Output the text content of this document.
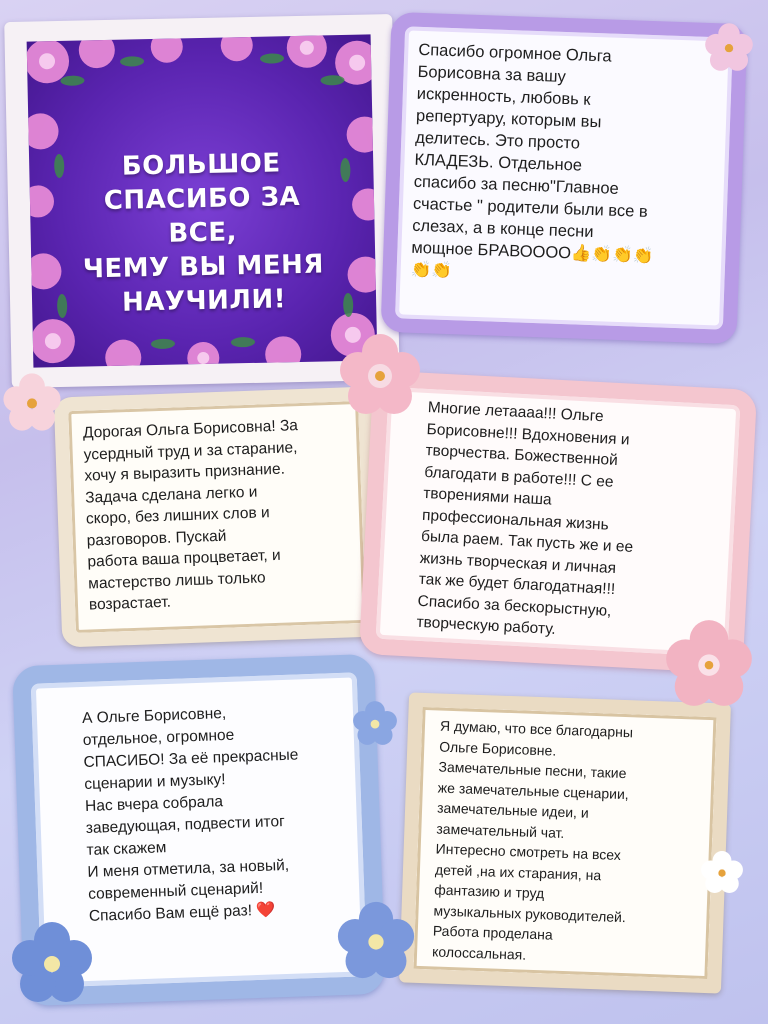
БОЛЬШОЕ
СПАСИБО ЗА ВСЕ,
ЧЕМУ ВЫ МЕНЯ
НАУЧИЛИ!
Спасибо огромное Ольга
Борисовна за вашу
искренность, любовь к
репертуару, которым вы
делитесь. Это просто
КЛАДЕЗЬ. Отдельное
спасибо за песню"Главное
счастье " родители были все в
слезах, а в конце песни
мощное БРАВОООО👍👏👏👏
👏👏
Дорогая Ольга Борисовна! За
усердный труд и за старание,
хочу я выразить признание.
Задача сделана легко и
скоро, без лишних слов и
разговоров. Пускай
работа ваша процветает, и
мастерство лишь только
возрастает.
Многие летаааа!!! Ольге
Борисовне!!! Вдохновения и
творчества. Божественной
благодати в работе!!! С ее
творениями наша
профессиональная жизнь
была раем. Так пусть же и ее
жизнь творческая и личная
так же будет благодатная!!!
Спасибо за бескорыстную,
творческую работу.
А Ольге Борисовне,
отдельное, огромное
СПАСИБО! За её прекрасные
сценарии и музыку!
Нас вчера собрала
заведующая, подвести итог
так скажем
И меня отметила, за новый,
современный сценарий!
Спасибо Вам ещё раз! ❤️
Я думаю, что все благодарны
Ольге Борисовне.
Замечательные песни, такие
же замечательные сценарии,
замечательные идеи, и
замечательный чат.
Интересно смотреть на всех
детей ,на их старания, на
фантазию и труд
музыкальных руководителей.
Работа проделана
колоссальная.
